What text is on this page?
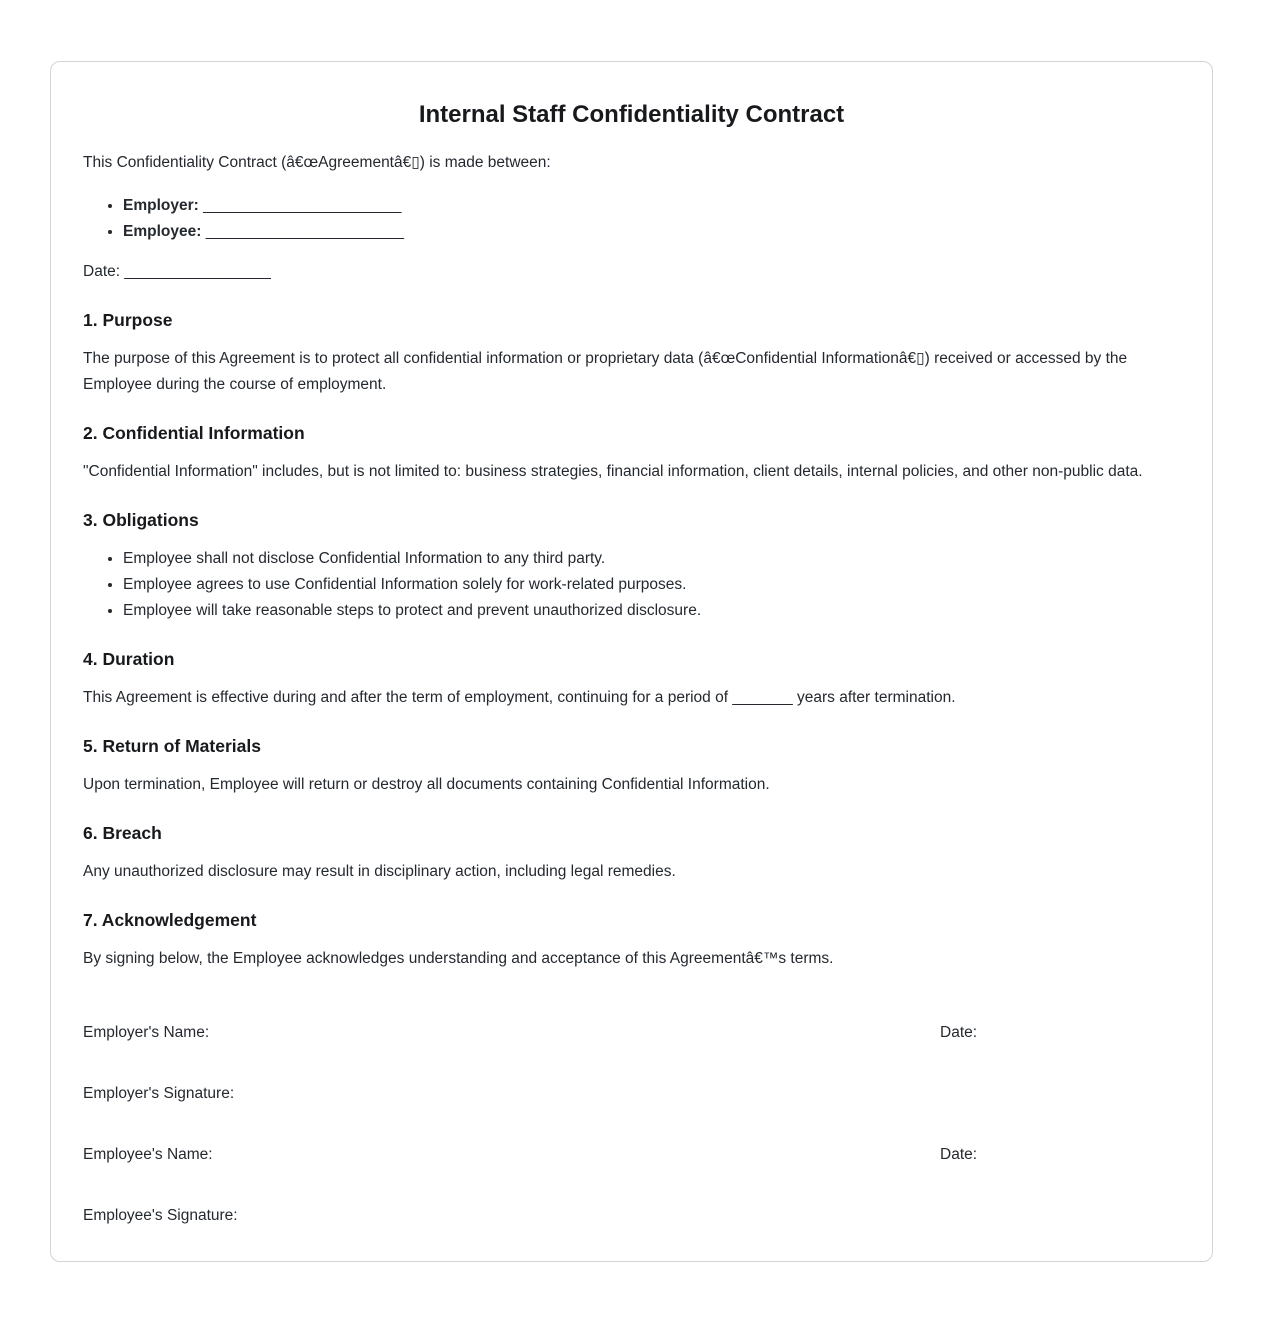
Internal Staff Confidentiality Contract

This Confidentiality Contract (â€œAgreementâ€▯) is made between:

• Employer: _______________________
• Employee: _______________________

Date: _________________

1. Purpose

The purpose of this Agreement is to protect all confidential information or proprietary data (â€œConfidential Informationâ€▯) received or accessed by the Employee during the course of employment.

2. Confidential Information

"Confidential Information" includes, but is not limited to: business strategies, financial information, client details, internal policies, and other non-public data.

3. Obligations
• Employee shall not disclose Confidential Information to any third party.
• Employee agrees to use Confidential Information solely for work-related purposes.
• Employee will take reasonable steps to protect and prevent unauthorized disclosure.
4. Duration

This Agreement is effective during and after the term of employment, continuing for a period of _______ years after termination.

5. Return of Materials

Upon termination, Employee will return or destroy all documents containing Confidential Information.

6. Breach

Any unauthorized disclosure may result in disciplinary action, including legal remedies.

7. Acknowledgement

By signing below, the Employee acknowledges understanding and acceptance of this Agreementâ€™s terms.

Employer's Name:	Date:
Employer's Signature:
Employee's Name:	Date:
Employee's Signature:
